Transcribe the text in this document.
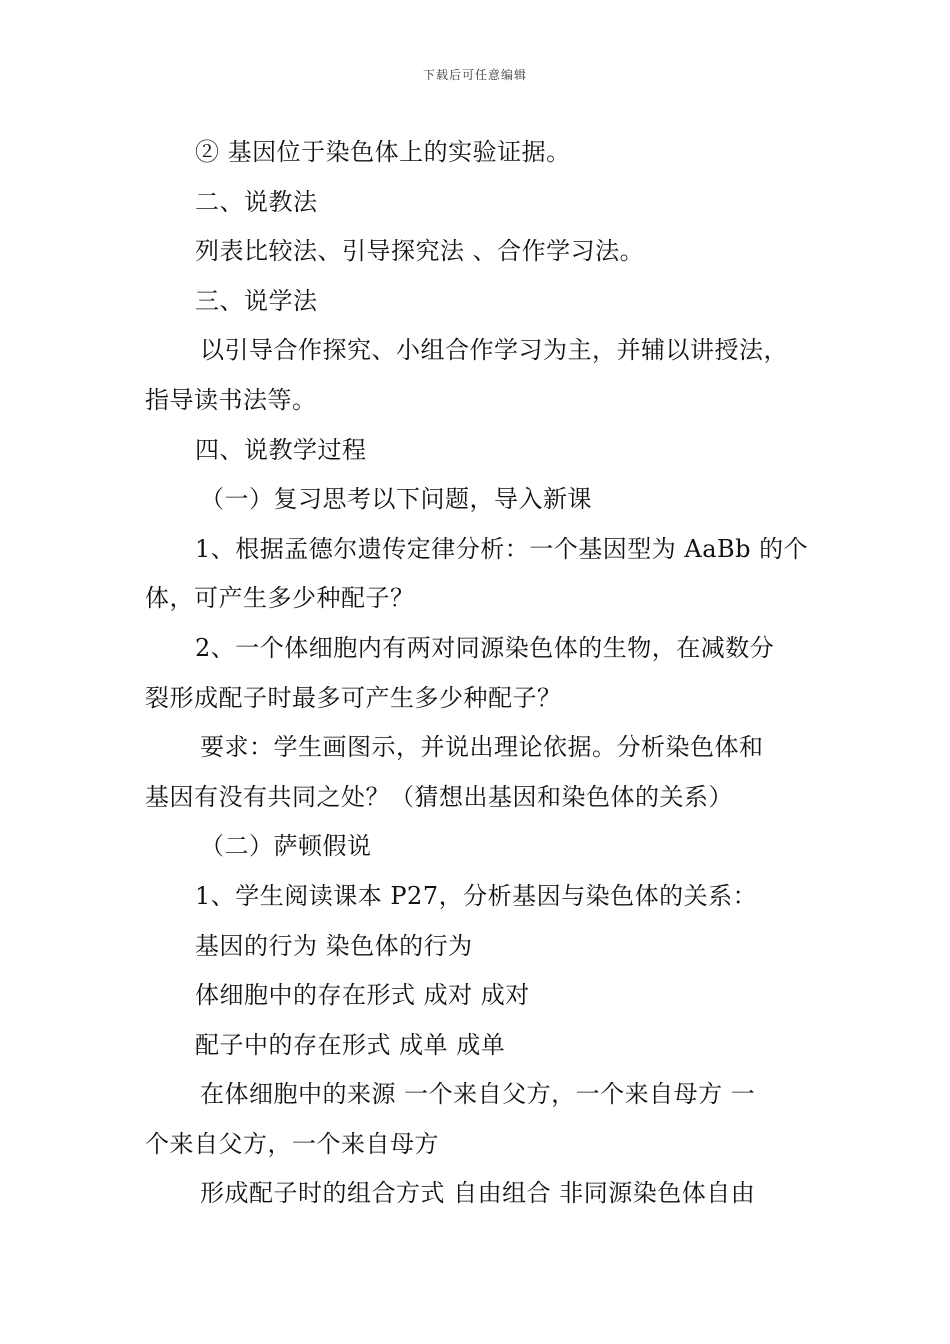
下载后可任意编辑
② 基因位于染色体上的实验证据。
二、说教法
列表比较法、引导探究法 、合作学习法。
三、说学法
以引导合作探究、小组合作学习为主，并辅以讲授法，
指导读书法等。
四、说教学过程
（一）复习思考以下问题，导入新课
1、根据孟德尔遗传定律分析：一个基因型为 AaBb 的个
体，可产生多少种配子？
2、一个体细胞内有两对同源染色体的生物，在减数分
裂形成配子时最多可产生多少种配子？
要求：学生画图示，并说出理论依据。分析染色体和
基因有没有共同之处？（猜想出基因和染色体的关系）
（二）萨顿假说
1、学生阅读课本 P27，分析基因与染色体的关系：
基因的行为 染色体的行为
体细胞中的存在形式 成对 成对
配子中的存在形式 成单 成单
在体细胞中的来源 一个来自父方，一个来自母方 一
个来自父方，一个来自母方
形成配子时的组合方式 自由组合 非同源染色体自由
